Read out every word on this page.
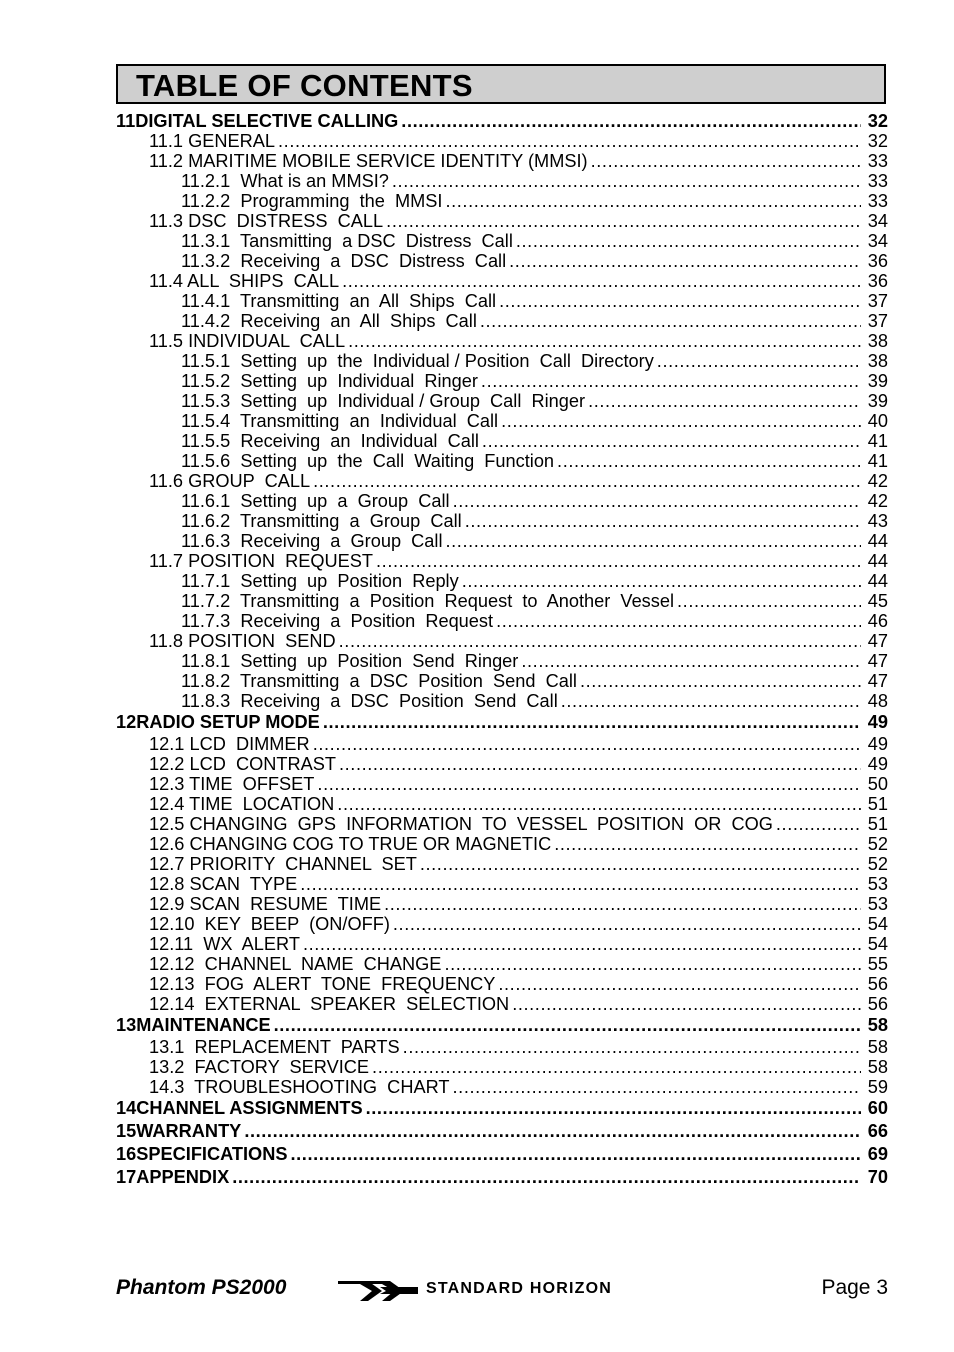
TABLE OF CONTENTS
11 DIGITAL SELECTIVE CALLING .....	32
11.1 GENERAL .....	32
11.2 MARITIME MOBILE SERVICE IDENTITY (MMSI) .....	33
11.2.1  What is an MMSI? .....	33
11.2.2  Programming  the  MMSI .....	33
11.3 DSC  DISTRESS  CALL .....	34
11.3.1  Tansmitting  a DSC  Distress  Call .....	34
11.3.2  Receiving  a  DSC  Distress  Call .....	36
11.4 ALL  SHIPS  CALL .....	36
11.4.1  Transmitting  an  All  Ships  Call .....	37
11.4.2  Receiving  an  All  Ships  Call .....	37
11.5 INDIVIDUAL  CALL .....	38
11.5.1  Setting  up  the  Individual / Position  Call  Directory .....	38
11.5.2  Setting  up  Individual  Ringer .....	39
11.5.3  Setting  up  Individual / Group  Call  Ringer .....	39
11.5.4  Transmitting  an  Individual  Call .....	40
11.5.5  Receiving  an  Individual  Call .....	41
11.5.6  Setting  up  the  Call  Waiting  Function .....	41
11.6 GROUP  CALL .....	42
11.6.1  Setting  up  a  Group  Call .....	42
11.6.2  Transmitting  a  Group  Call .....	43
11.6.3  Receiving  a  Group  Call .....	44
11.7 POSITION  REQUEST .....	44
11.7.1  Setting  up  Position  Reply .....	44
11.7.2  Transmitting  a  Position  Request  to  Another  Vessel .....	45
11.7.3  Receiving  a  Position  Request .....	46
11.8 POSITION  SEND .....	47
11.8.1  Setting  up  Position  Send  Ringer .....	47
11.8.2  Transmitting  a  DSC  Position  Send  Call .....	47
11.8.3  Receiving  a  DSC  Position  Send  Call .....	48
12 RADIO SETUP MODE .....	49
12.1 LCD  DIMMER .....	49
12.2 LCD  CONTRAST .....	49
12.3 TIME  OFFSET .....	50
12.4 TIME  LOCATION .....	51
12.5 CHANGING  GPS  INFORMATION  TO  VESSEL  POSITION  OR  COG .....	51
12.6 CHANGING COG TO TRUE OR MAGNETIC .....	52
12.7 PRIORITY  CHANNEL  SET .....	52
12.8 SCAN  TYPE .....	53
12.9 SCAN  RESUME  TIME .....	53
12.10  KEY  BEEP  (ON/OFF) .....	54
12.11  WX  ALERT .....	54
12.12  CHANNEL  NAME  CHANGE .....	55
12.13  FOG  ALERT  TONE  FREQUENCY .....	56
12.14  EXTERNAL  SPEAKER  SELECTION .....	56
13 MAINTENANCE .....	58
13.1  REPLACEMENT  PARTS .....	58
13.2  FACTORY  SERVICE .....	58
14.3  TROUBLESHOOTING  CHART .....	59
14 CHANNEL ASSIGNMENTS .....	60
15 WARRANTY .....	66
16 SPECIFICATIONS .....	69
17 APPENDIX .....	70
Phantom PS2000	STANDARD HORIZON	Page 3
